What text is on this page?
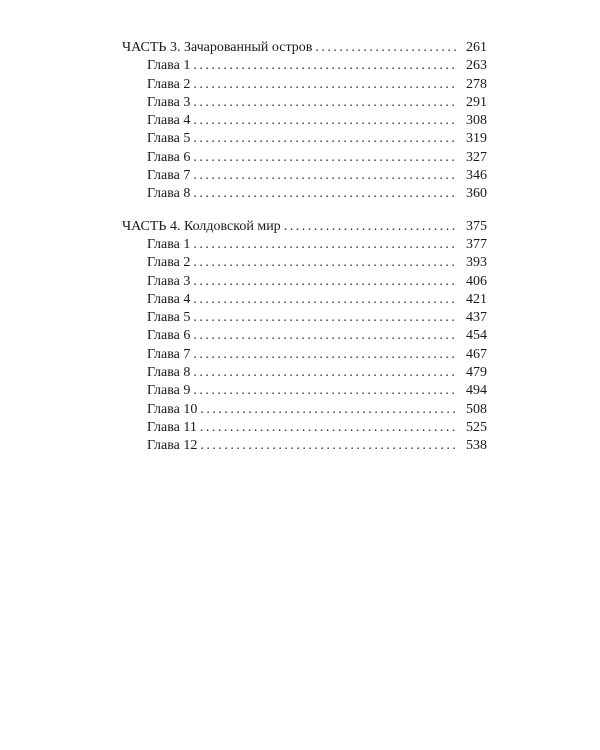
ЧАСТЬ 3. Зачарованный остров . . .	261
Глава 1 . . .	263
Глава 2 . . .	278
Глава 3 . . .	291
Глава 4 . . .	308
Глава 5 . . .	319
Глава 6 . . .	327
Глава 7 . . .	346
Глава 8 . . .	360
ЧАСТЬ 4. Колдовской мир . . .	375
Глава 1 . . .	377
Глава 2 . . .	393
Глава 3 . . .	406
Глава 4 . . .	421
Глава 5 . . .	437
Глава 6 . . .	454
Глава 7 . . .	467
Глава 8 . . .	479
Глава 9 . . .	494
Глава 10 . . .	508
Глава 11 . . .	525
Глава 12 . . .	538
